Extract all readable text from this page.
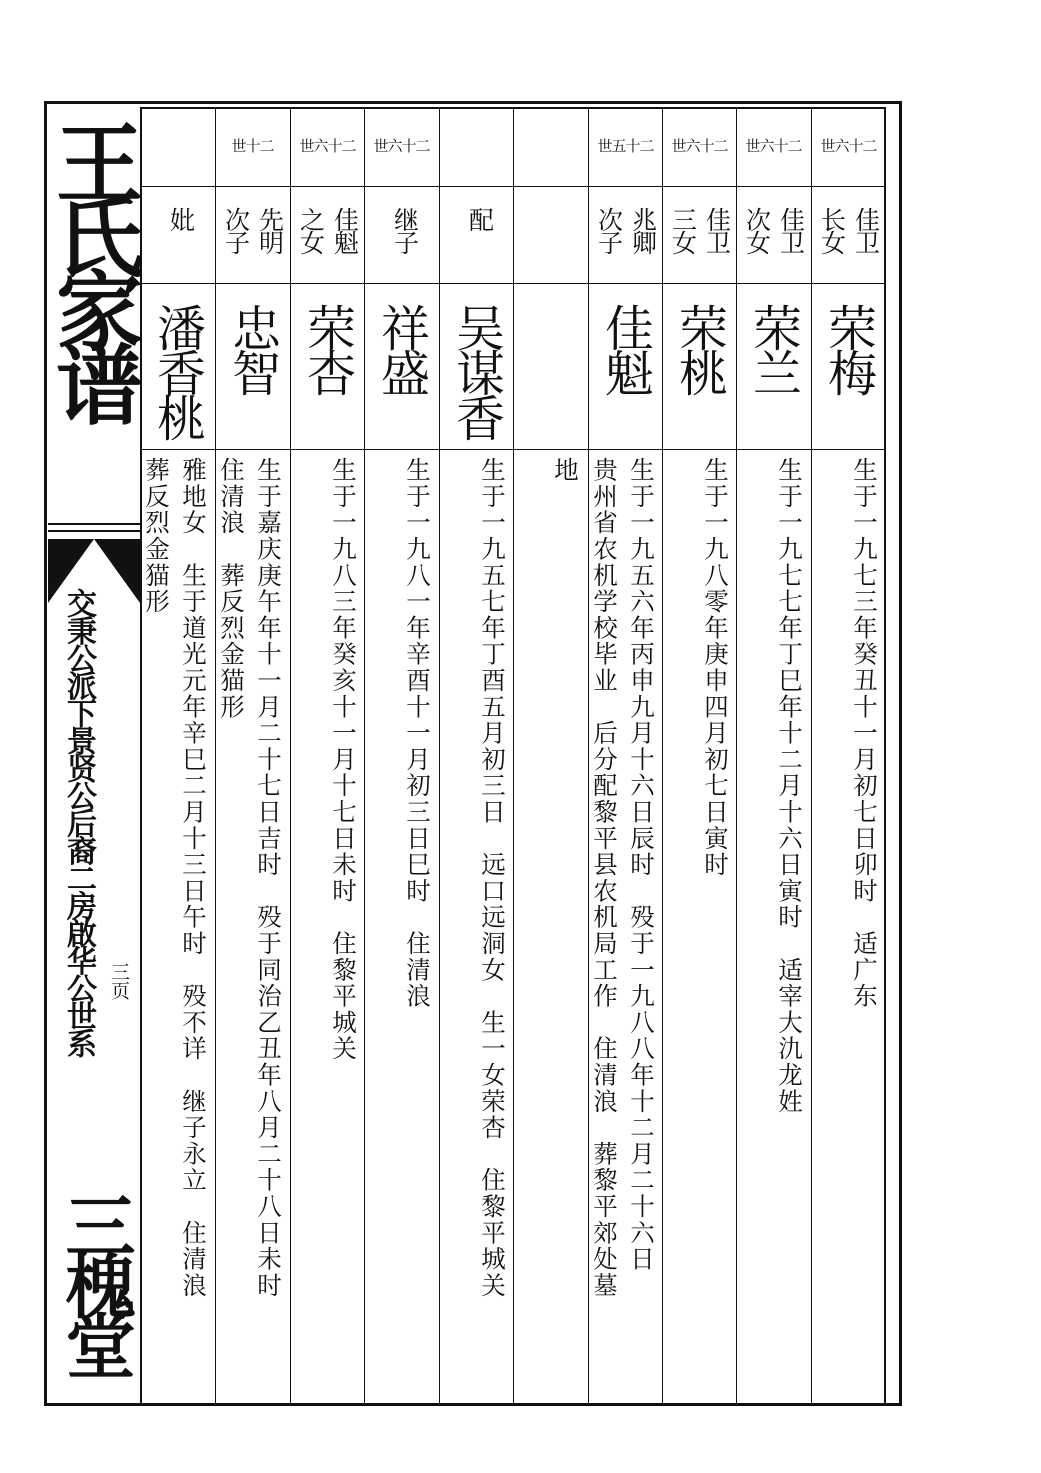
王氏家谱
交秉公派下景贤公后裔二房啟华公世系 三页
三槐堂
世六十二
佳卫
长女
荣梅
生于一九七三年癸丑十一月初七日卯时　适广东
世六十二
佳卫
次女
荣兰
生于一九七七年丁巳年十二月十六日寅时　适宰大氿龙姓
世六十二
佳卫
三女
荣桃
生于一九八零年庚申四月初七日寅时
世五十二
兆卿
次子
佳魁
生于一九五六年丙申九月十六日辰时　殁于一九八八年十二月二十六日
贵州省农机学校毕业　后分配黎平县农机局工作　住清浪　葬黎平郊处墓
地
配
吴谋香
生于一九五七年丁酉五月初三日　远口远洞女　生一女荣杏　住黎平城关
世六十二
继子
祥盛
生于一九八一年辛酉十一月初三日巳时　住清浪
世六十二
佳魁
之女
荣杏
生于一九八三年癸亥十一月十七日未时　住黎平城关
世十二
先明
次子
忠智
生于嘉庆庚午年十一月二十七日吉时　殁于同治乙丑年八月二十八日未时
住清浪　葬反烈金猫形
妣
潘香桃
雅地女　生于道光元年辛巳二月十三日午时　殁不详　继子永立　住清浪
葬反烈金猫形
